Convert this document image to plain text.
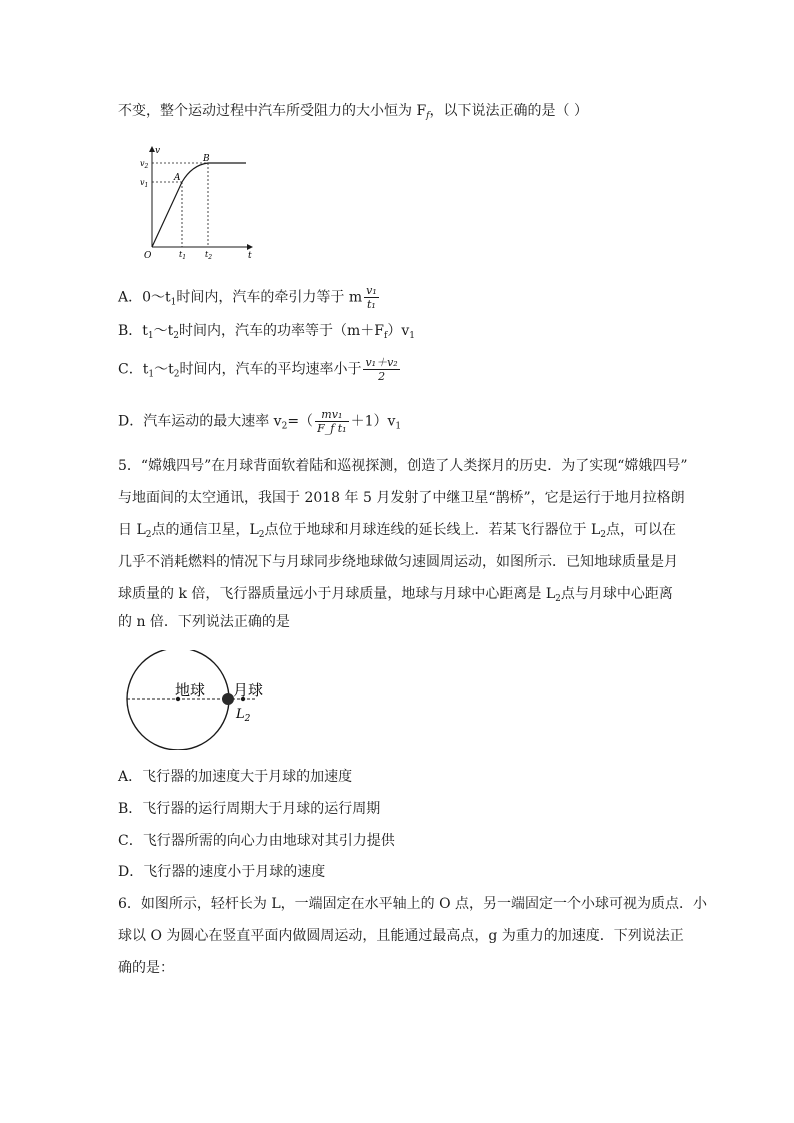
不变，整个运动过程中汽车所受阻力的大小恒为 $F_f$，以下说法正确的是（ ）
v
t
O
$v_2$
$v_1$
$t_1$ $t_2$
A
B
A．$0\sim t_1$时间内，汽车的牵引力等于 m $\frac{\text{v₁}}{\text{t₁}}$
B．$t_1\sim t_2$时间内，汽车的功率等于$(m+F_f)v_1$
C．$t_1\sim t_2$时间内，汽车的平均速率小于 $\frac{\text{v₁＋v₂}}{2}$
D．汽车运动的最大速率 $v_2=( \frac{\text{mv₁}}{\text{F\_f t₁}} +1)v_1$
5．“嫦娥四号”在月球背面软着陆和巡视探测，创造了人类探月的历史．为了实现“嫦娥四号”
与地面间的太空通讯，我国于 2018 年 5 月发射了中继卫星“鹊桥”，它是运行于地月拉格朗
日 $L_2$点的通信卫星，$L_2$点位于地球和月球连线的延长线上．若某飞行器位于 $L_2$点，可以在
几乎不消耗燃料的情况下与月球同步绕地球做匀速圆周运动，如图所示．已知地球质量是月
球质量的 k 倍，飞行器质量远小于月球质量，地球与月球中心距离是 $L_2$点与月球中心距离
的 n 倍．下列说法正确的是
地球 月球
$L_2$
A．飞行器的加速度大于月球的加速度
B．飞行器的运行周期大于月球的运行周期
C．飞行器所需的向心力由地球对其引力提供
D．飞行器的速度小于月球的速度
6．如图所示，轻杆长为 L，一端固定在水平轴上的 O 点，另一端固定一个小球可视为质点．小
球以 O 为圆心在竖直平面内做圆周运动，且能通过最高点，g 为重力的加速度．下列说法正
确的是：
